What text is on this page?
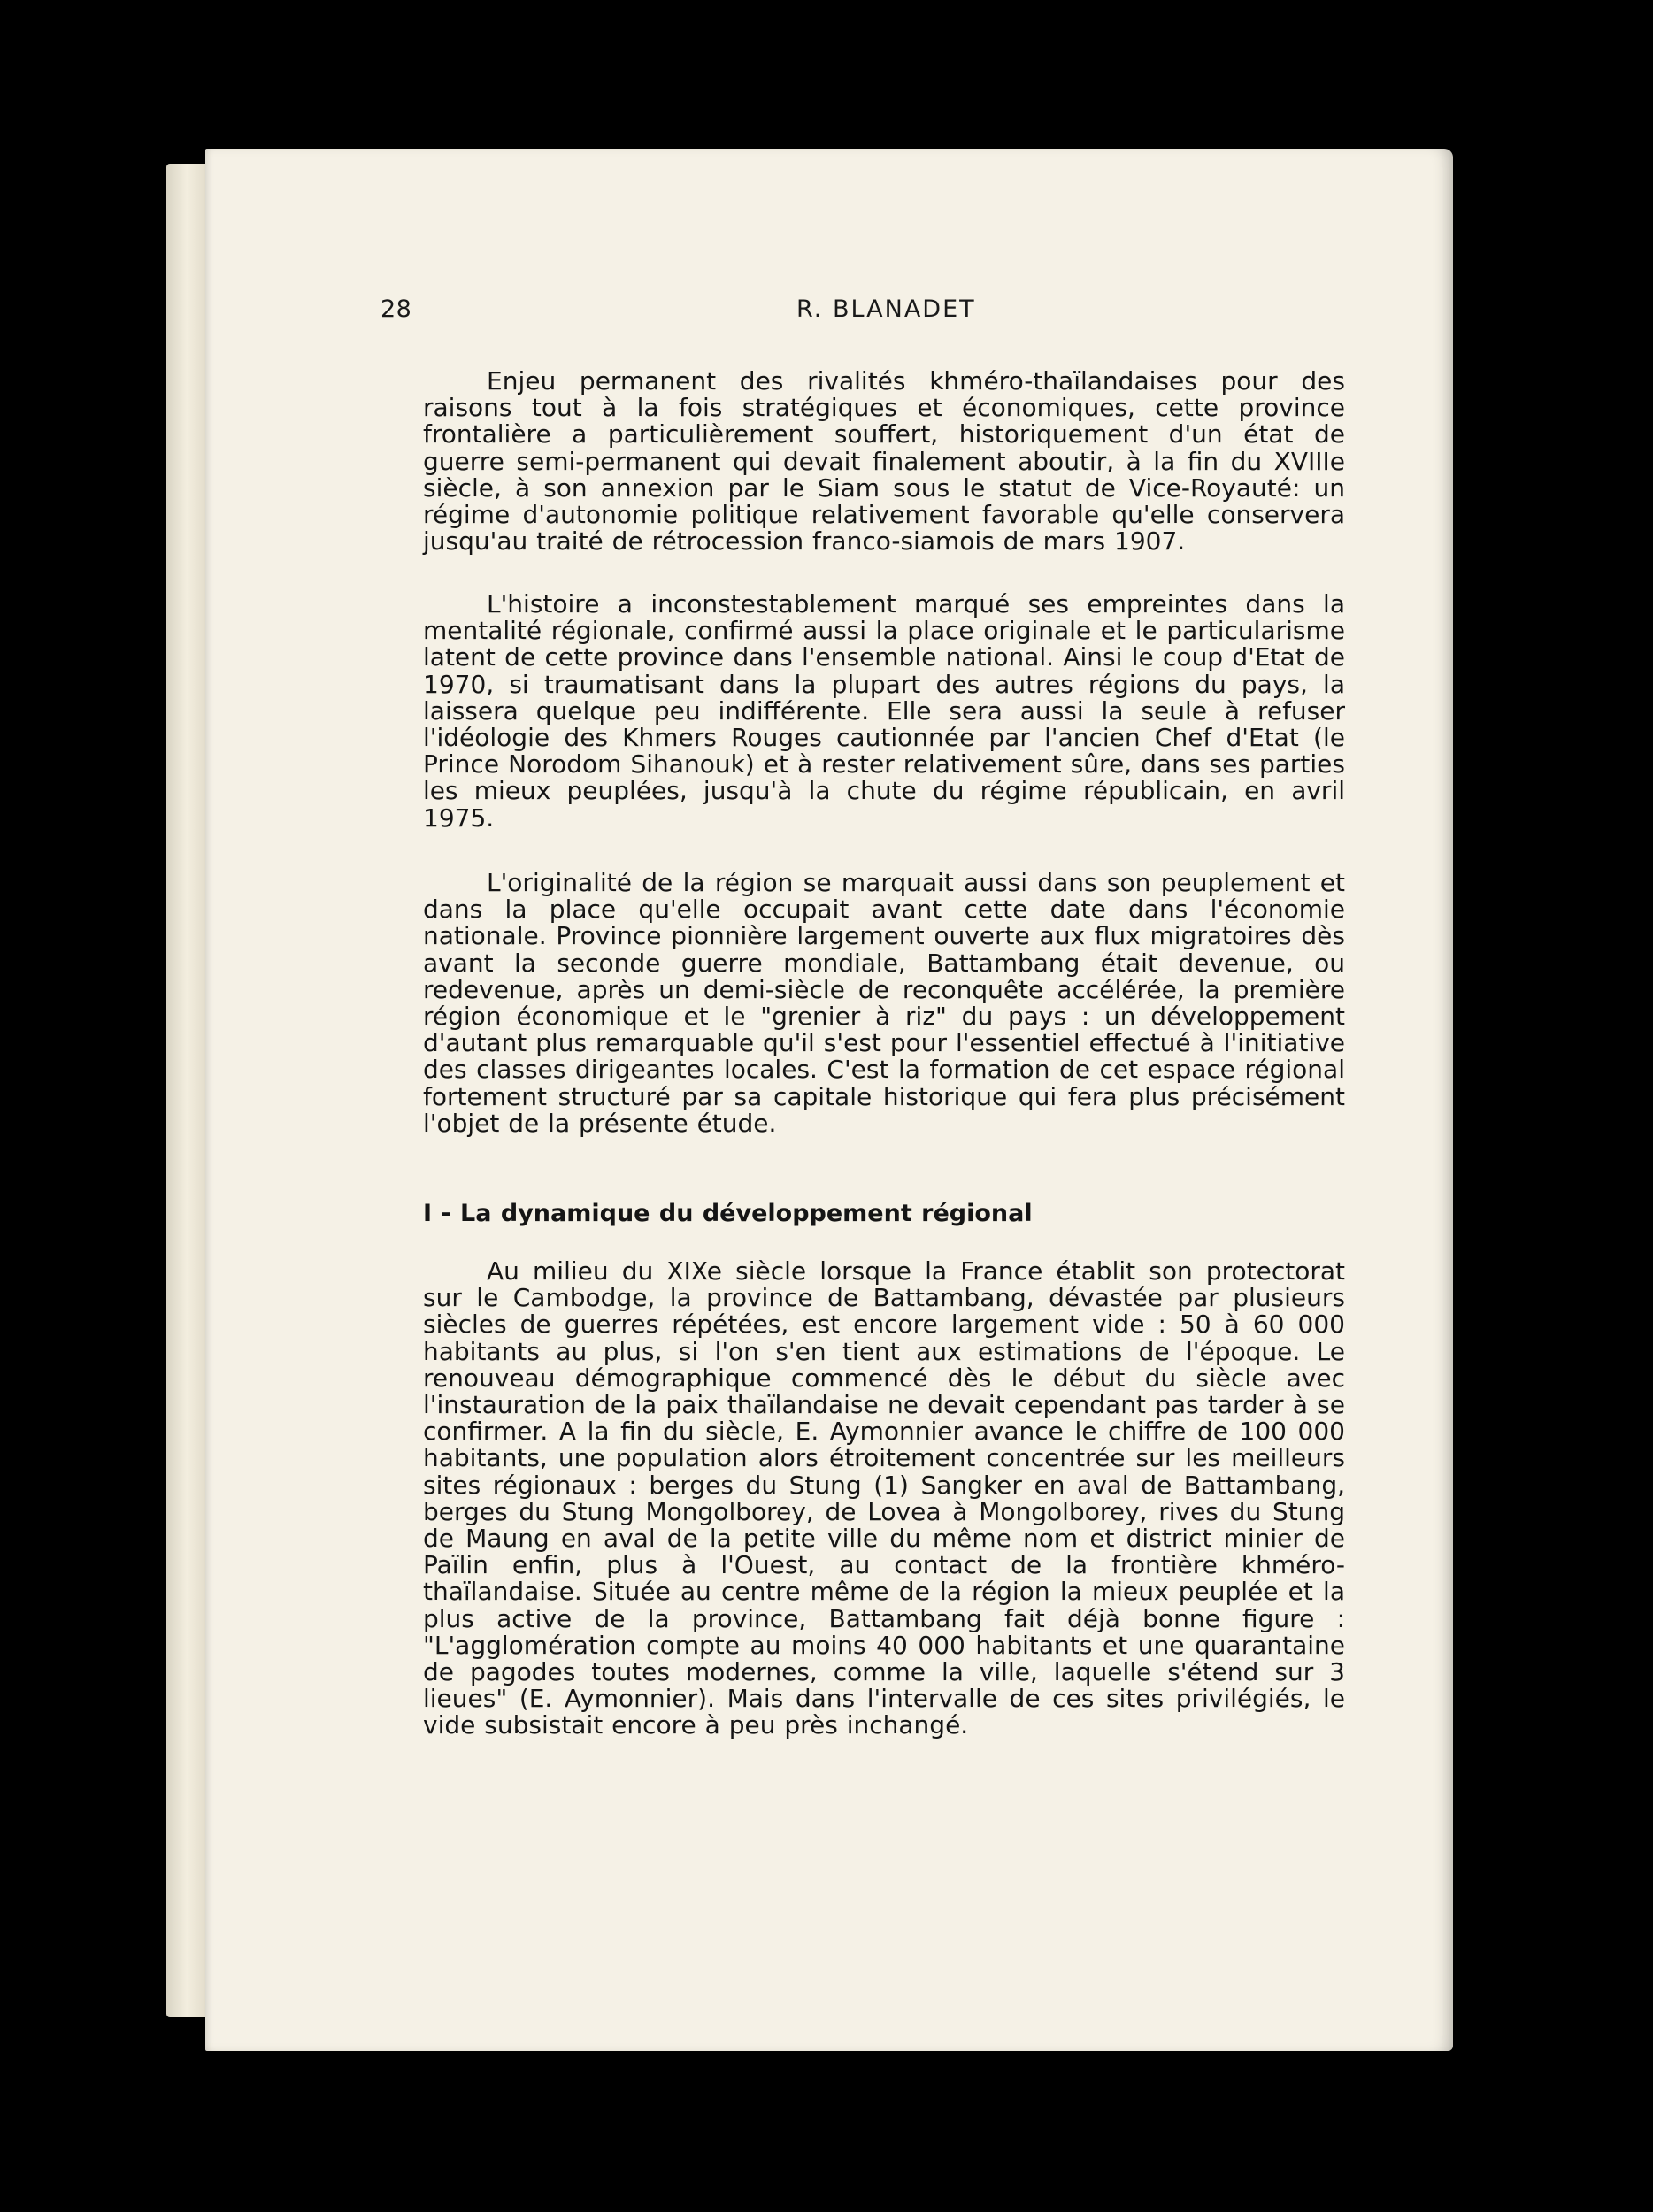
28	R. BLANADET

Enjeu permanent des rivalités khméro-thaïlandaises pour des raisons tout à la fois stratégiques et économiques, cette province frontalière a particulièrement souffert, historiquement d'un état de guerre semi-permanent qui devait finalement aboutir, à la fin du XVIIIe siècle, à son annexion par le Siam sous le statut de Vice-Royauté: un régime d'autonomie politique relativement favorable qu'elle conservera jusqu'au traité de rétrocession franco-siamois de mars 1907.

L'histoire a inconstestablement marqué ses empreintes dans la mentalité régionale, confirmé aussi la place originale et le particularisme latent de cette province dans l'ensemble national. Ainsi le coup d'Etat de 1970, si traumatisant dans la plupart des autres régions du pays, la laissera quelque peu indifférente. Elle sera aussi la seule à refuser l'idéologie des Khmers Rouges cautionnée par l'ancien Chef d'Etat (le Prince Norodom Sihanouk) et à rester relativement sûre, dans ses parties les mieux peuplées, jusqu'à la chute du régime républicain, en avril 1975.

L'originalité de la région se marquait aussi dans son peuplement et dans la place qu'elle occupait avant cette date dans l'économie nationale. Province pionnière largement ouverte aux flux migratoires dès avant la seconde guerre mondiale, Battambang était devenue, ou redevenue, après un demi-siècle de reconquête accélérée, la première région économique et le "grenier à riz" du pays : un développement d'autant plus remarquable qu'il s'est pour l'essentiel effectué à l'initiative des classes dirigeantes locales. C'est la formation de cet espace régional fortement structuré par sa capitale historique qui fera plus précisément l'objet de la présente étude.

I - La dynamique du développement régional

Au milieu du XIXe siècle lorsque la France établit son protectorat sur le Cambodge, la province de Battambang, dévastée par plusieurs siècles de guerres répétées, est encore largement vide : 50 à 60 000 habitants au plus, si l'on s'en tient aux estimations de l'époque. Le renouveau démographique commencé dès le début du siècle avec l'instauration de la paix thaïlandaise ne devait cependant pas tarder à se confirmer. A la fin du siècle, E. Aymonnier avance le chiffre de 100 000 habitants, une population alors étroitement concentrée sur les meilleurs sites régionaux : berges du Stung (1) Sangker en aval de Battambang, berges du Stung Mongolborey, de Lovea à Mongolborey, rives du Stung de Maung en aval de la petite ville du même nom et district minier de Païlin enfin, plus à l'Ouest, au contact de la frontière khméro-thaïlandaise. Située au centre même de la région la mieux peuplée et la plus active de la province, Battambang fait déjà bonne figure : "L'agglomération compte au moins 40 000 habitants et une quarantaine de pagodes toutes modernes, comme la ville, laquelle s'étend sur 3 lieues" (E. Aymonnier). Mais dans l'intervalle de ces sites privilégiés, le vide subsistait encore à peu près inchangé.
